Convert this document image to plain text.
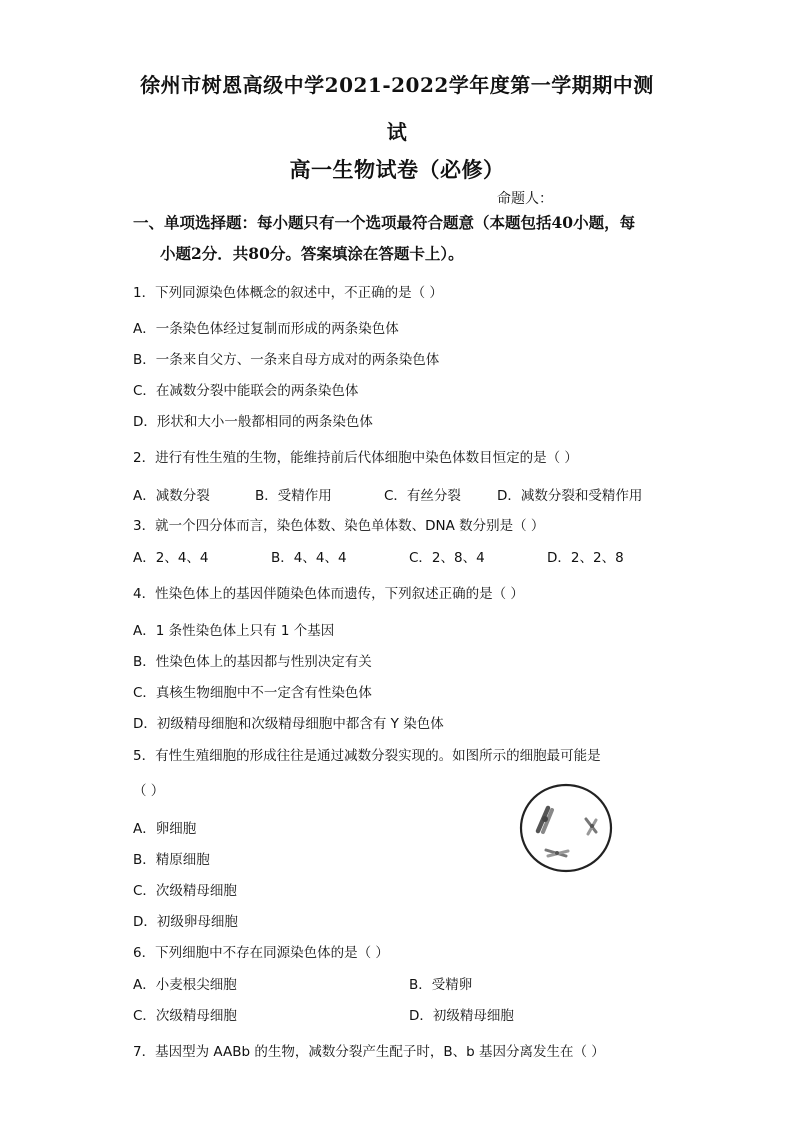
徐州市树恩高级中学2021-2022学年度第一学期期中测
试
高一生物试卷（必修）
命题人：
一、单项选择题：每小题只有一个选项最符合题意（本题包括40小题，每
小题2分．共80分。答案填涂在答题卡上）。
1．下列同源染色体概念的叙述中，不正确的是（ ）
A．一条染色体经过复制而形成的两条染色体
B．一条来自父方、一条来自母方成对的两条染色体
C．在减数分裂中能联会的两条染色体
D．形状和大小一般都相同的两条染色体
2．进行有性生殖的生物，能维持前后代体细胞中染色体数目恒定的是（ ）
A．减数分裂	B．受精作用	C．有丝分裂	D．减数分裂和受精作用
3．就一个四分体而言，染色体数、染色单体数、DNA 数分别是（ ）
A．2、4、4	B．4、4、4	C．2、8、4	D．2、2、8
4．性染色体上的基因伴随染色体而遗传，下列叙述正确的是（ ）
A．1 条性染色体上只有 1 个基因
B．性染色体上的基因都与性别决定有关
C．真核生物细胞中不一定含有性染色体
D．初级精母细胞和次级精母细胞中都含有 Y 染色体
5．有性生殖细胞的形成往往是通过减数分裂实现的。如图所示的细胞最可能是
（ ）
A．卵细胞
B．精原细胞
C．次级精母细胞
D．初级卵母细胞
6．下列细胞中不存在同源染色体的是（ ）
A．小麦根尖细胞	B．受精卵
C．次级精母细胞	D．初级精母细胞
7．基因型为 AABb 的生物，减数分裂产生配子时，B、b 基因分离发生在（ ）
